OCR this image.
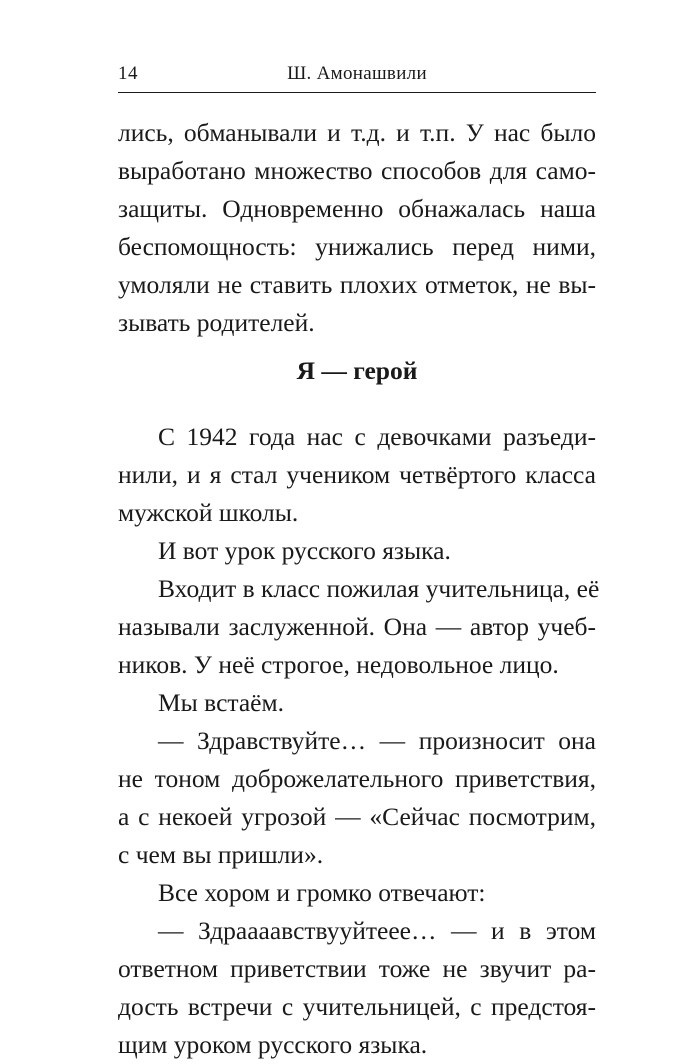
14	Ш. Амонашвили
лись, обманывали и т.д. и т.п. У нас было
выработано множество способов для само-
защиты. Одновременно обнажалась наша
беспомощность: унижались перед ними,
умоляли не ставить плохих отметок, не вы-
зывать родителей.
Я — герой
С 1942 года нас с девочками разъеди-
нили, и я стал учеником четвёртого класса
мужской школы.
И вот урок русского языка.
Входит в класс пожилая учительница, её
называли заслуженной. Она — автор учеб-
ников. У неё строгое, недовольное лицо.
Мы встаём.
— Здравствуйте… — произносит она
не тоном доброжелательного приветствия,
а с некоей угрозой — «Сейчас посмотрим,
с чем вы пришли».
Все хором и громко отвечают:
— Здраааавствууйтеее… — и в этом
ответном приветствии тоже не звучит ра-
дость встречи с учительницей, с предстоя-
щим уроком русского языка.
